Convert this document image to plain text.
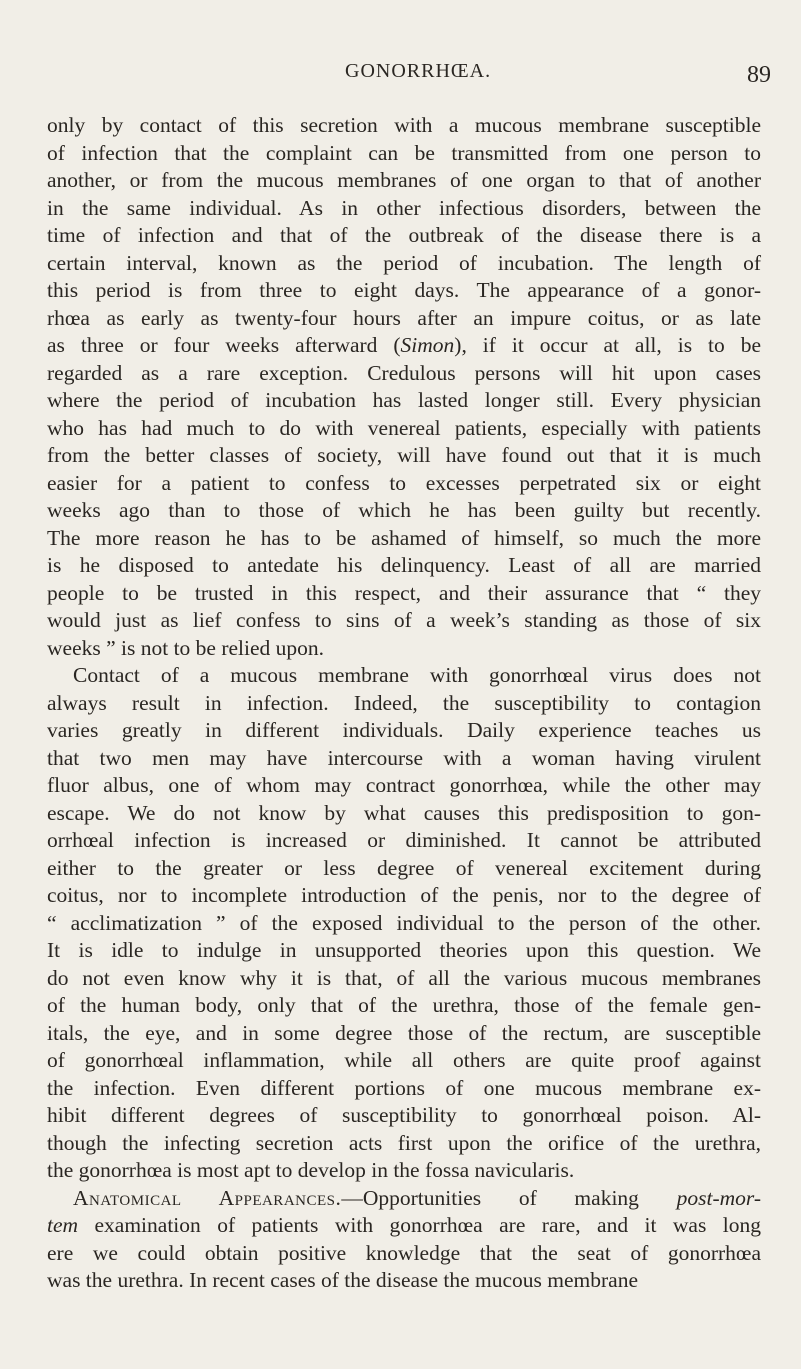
GONORRHŒA.	89
only by contact of this secretion with a mucous membrane susceptible
of infection that the complaint can be transmitted from one person to
another, or from the mucous membranes of one organ to that of another
in the same individual. As in other infectious disorders, between the
time of infection and that of the outbreak of the disease there is a
certain interval, known as the period of incubation. The length of
this period is from three to eight days. The appearance of a gonor-
rhœa as early as twenty-four hours after an impure coitus, or as late
as three or four weeks afterward (Simon), if it occur at all, is to be
regarded as a rare exception. Credulous persons will hit upon cases
where the period of incubation has lasted longer still. Every physician
who has had much to do with venereal patients, especially with patients
from the better classes of society, will have found out that it is much
easier for a patient to confess to excesses perpetrated six or eight
weeks ago than to those of which he has been guilty but recently.
The more reason he has to be ashamed of himself, so much the more
is he disposed to antedate his delinquency. Least of all are married
people to be trusted in this respect, and their assurance that “ they
would just as lief confess to sins of a week’s standing as those of six
weeks ” is not to be relied upon.
Contact of a mucous membrane with gonorrhœal virus does not
always result in infection. Indeed, the susceptibility to contagion
varies greatly in different individuals. Daily experience teaches us
that two men may have intercourse with a woman having virulent
fluor albus, one of whom may contract gonorrhœa, while the other may
escape. We do not know by what causes this predisposition to gon-
orrhœal infection is increased or diminished. It cannot be attributed
either to the greater or less degree of venereal excitement during
coitus, nor to incomplete introduction of the penis, nor to the degree of
“ acclimatization ” of the exposed individual to the person of the other.
It is idle to indulge in unsupported theories upon this question. We
do not even know why it is that, of all the various mucous membranes
of the human body, only that of the urethra, those of the female gen-
itals, the eye, and in some degree those of the rectum, are susceptible
of gonorrhœal inflammation, while all others are quite proof against
the infection. Even different portions of one mucous membrane ex-
hibit different degrees of susceptibility to gonorrhœal poison. Al-
though the infecting secretion acts first upon the orifice of the urethra,
the gonorrhœa is most apt to develop in the fossa navicularis.
Anatomical Appearances.—Opportunities of making post-mor-
tem examination of patients with gonorrhœa are rare, and it was long
ere we could obtain positive knowledge that the seat of gonorrhœa
was the urethra. In recent cases of the disease the mucous membrane
